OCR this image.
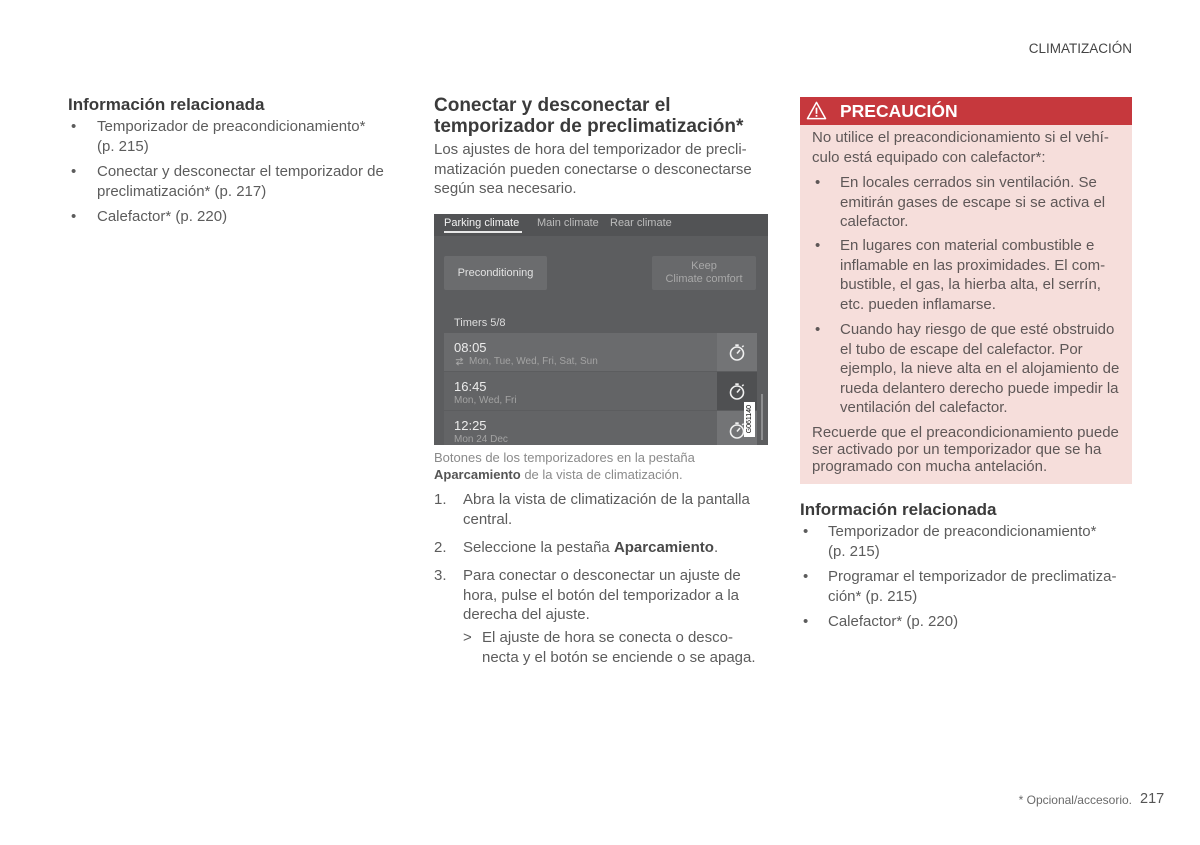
CLIMATIZACIÓN
Información relacionada
• Temporizador de preacondicionamiento*
(p. 215)
• Conectar y desconectar el temporizador de
preclimatización* (p. 217)
• Calefactor* (p. 220)
Conectar y desconectar el
temporizador de preclimatización*
Los ajustes de hora del temporizador de precli-
matización pueden conectarse o desconectarse
según sea necesario.
Parking climate Main climate Rear climate
Preconditioning
Keep
Climate comfort
Timers 5/8
08:05
Mon, Tue, Wed, Fri, Sat, Sun
16:45
Mon, Wed, Fri
12:25
Mon 24 Dec
G061140
Botones de los temporizadores en la pestaña
Aparcamiento de la vista de climatización.

1.

Abra la vista de climatización de la pantalla
central.

2.

Seleccione la pestaña Aparcamiento.

3.

Para conectar o desconectar un ajuste de
hora, pulse el botón del temporizador a la
derecha del ajuste.

>

El ajuste de hora se conecta o desco-
necta y el botón se enciende o se apaga.

PRECAUCIÓN
No utilice el preacondicionamiento si el vehí-
culo está equipado con calefactor*:
• En locales cerrados sin ventilación. Se
emitirán gases de escape si se activa el
calefactor.
• En lugares con material combustible e
inflamable en las proximidades. El com-
bustible, el gas, la hierba alta, el serrín,
etc. pueden inflamarse.
• Cuando hay riesgo de que esté obstruido
el tubo de escape del calefactor. Por
ejemplo, la nieve alta en el alojamiento de
rueda delantero derecho puede impedir la
ventilación del calefactor.
Recuerde que el preacondicionamiento puede
ser activado por un temporizador que se ha
programado con mucha antelación.
Información relacionada
• Temporizador de preacondicionamiento*
(p. 215)
• Programar el temporizador de preclimatiza-
ción* (p. 215)
• Calefactor* (p. 220)
* Opcional/accesorio. 217
